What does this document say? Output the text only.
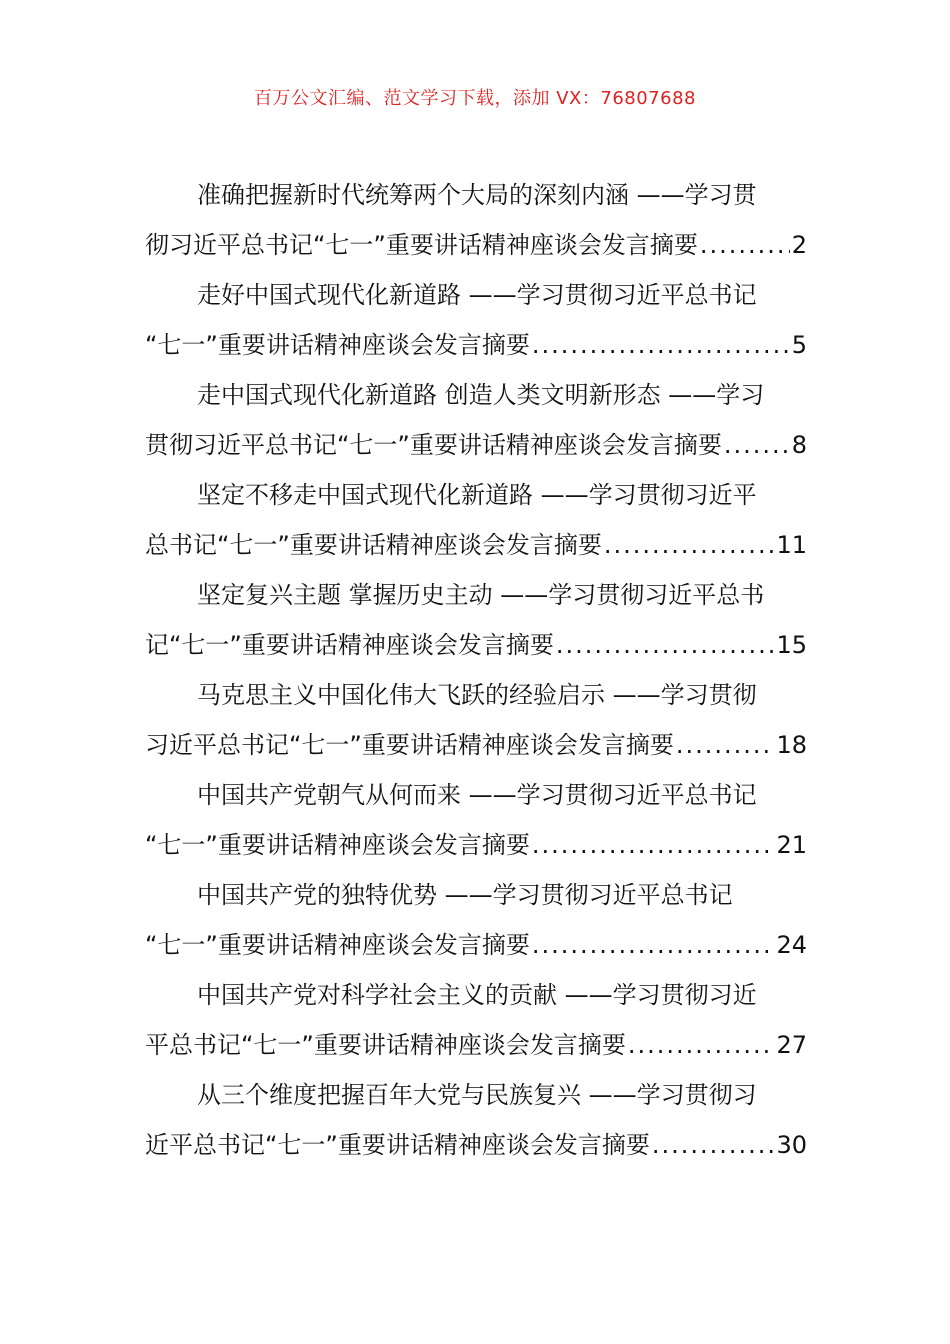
百万公文汇编、范文学习下载，添加 VX：76807688
准确把握新时代统筹两个大局的深刻内涵 ——学习贯
彻习近平总书记“七一”重要讲话精神座谈会发言摘要 .....	2
走好中国式现代化新道路 ——学习贯彻习近平总书记
“七一”重要讲话精神座谈会发言摘要 .....	5
走中国式现代化新道路 创造人类文明新形态 ——学习
贯彻习近平总书记“七一”重要讲话精神座谈会发言摘要 .....	8
坚定不移走中国式现代化新道路 ——学习贯彻习近平
总书记“七一”重要讲话精神座谈会发言摘要 .....	11
坚定复兴主题 掌握历史主动 ——学习贯彻习近平总书
记“七一”重要讲话精神座谈会发言摘要 .....	15
马克思主义中国化伟大飞跃的经验启示 ——学习贯彻
习近平总书记“七一”重要讲话精神座谈会发言摘要 .....	18
中国共产党朝气从何而来 ——学习贯彻习近平总书记
“七一”重要讲话精神座谈会发言摘要 .....	21
中国共产党的独特优势 ——学习贯彻习近平总书记
“七一”重要讲话精神座谈会发言摘要 .....	24
中国共产党对科学社会主义的贡献 ——学习贯彻习近
平总书记“七一”重要讲话精神座谈会发言摘要 .....	27
从三个维度把握百年大党与民族复兴 ——学习贯彻习
近平总书记“七一”重要讲话精神座谈会发言摘要 .....	30
